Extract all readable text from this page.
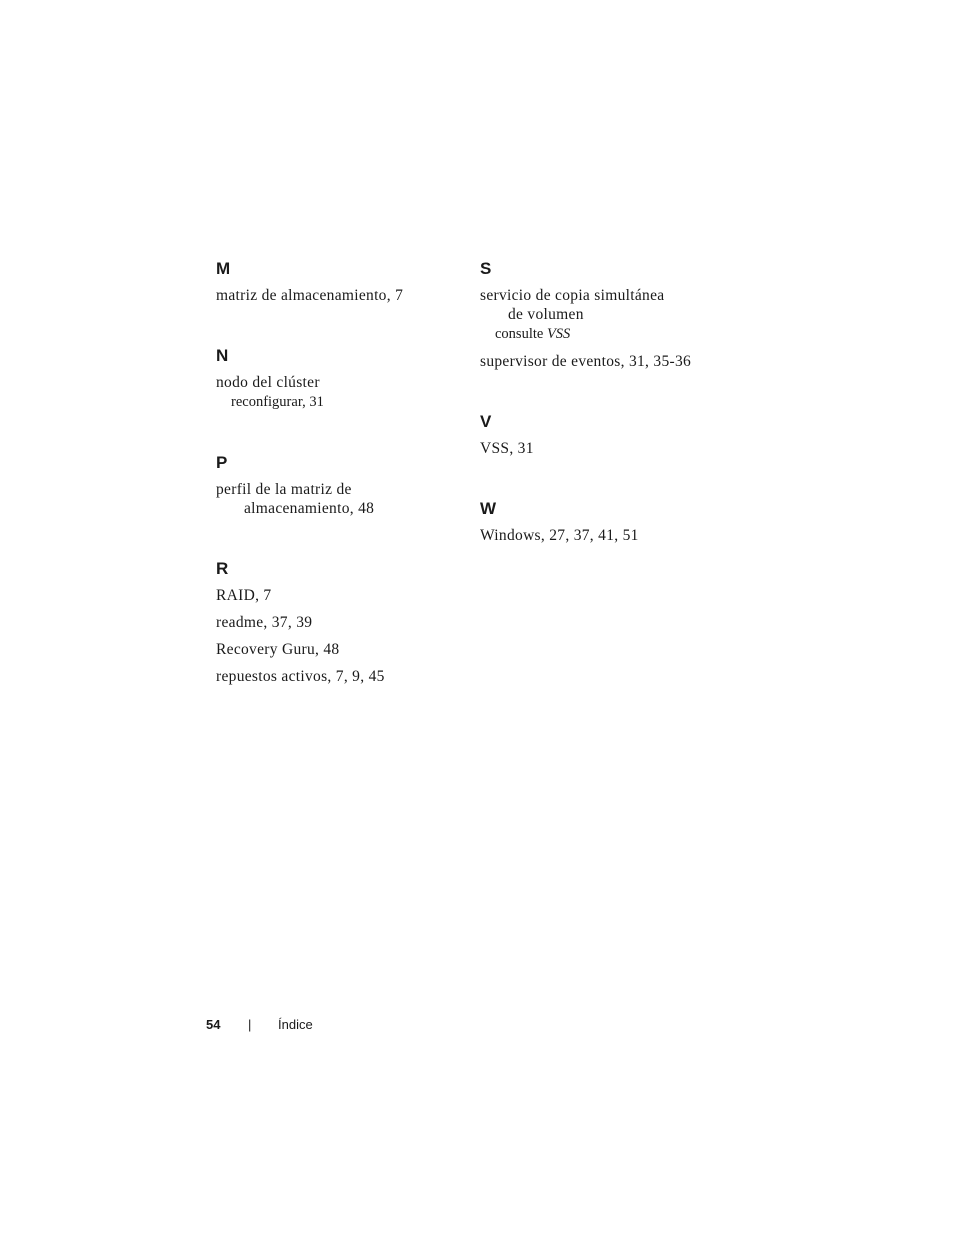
M
matriz de almacenamiento, 7
N
nodo del clúster
reconfigurar, 31
P
perfil de la matriz de
almacenamiento, 48
R
RAID, 7
readme, 37, 39
Recovery Guru, 48
repuestos activos, 7, 9, 45
S
servicio de copia simultánea
de volumen
consulte VSS
supervisor de eventos, 31, 35-36
V
VSS, 31
W
Windows, 27, 37, 41, 51
54 | Índice
